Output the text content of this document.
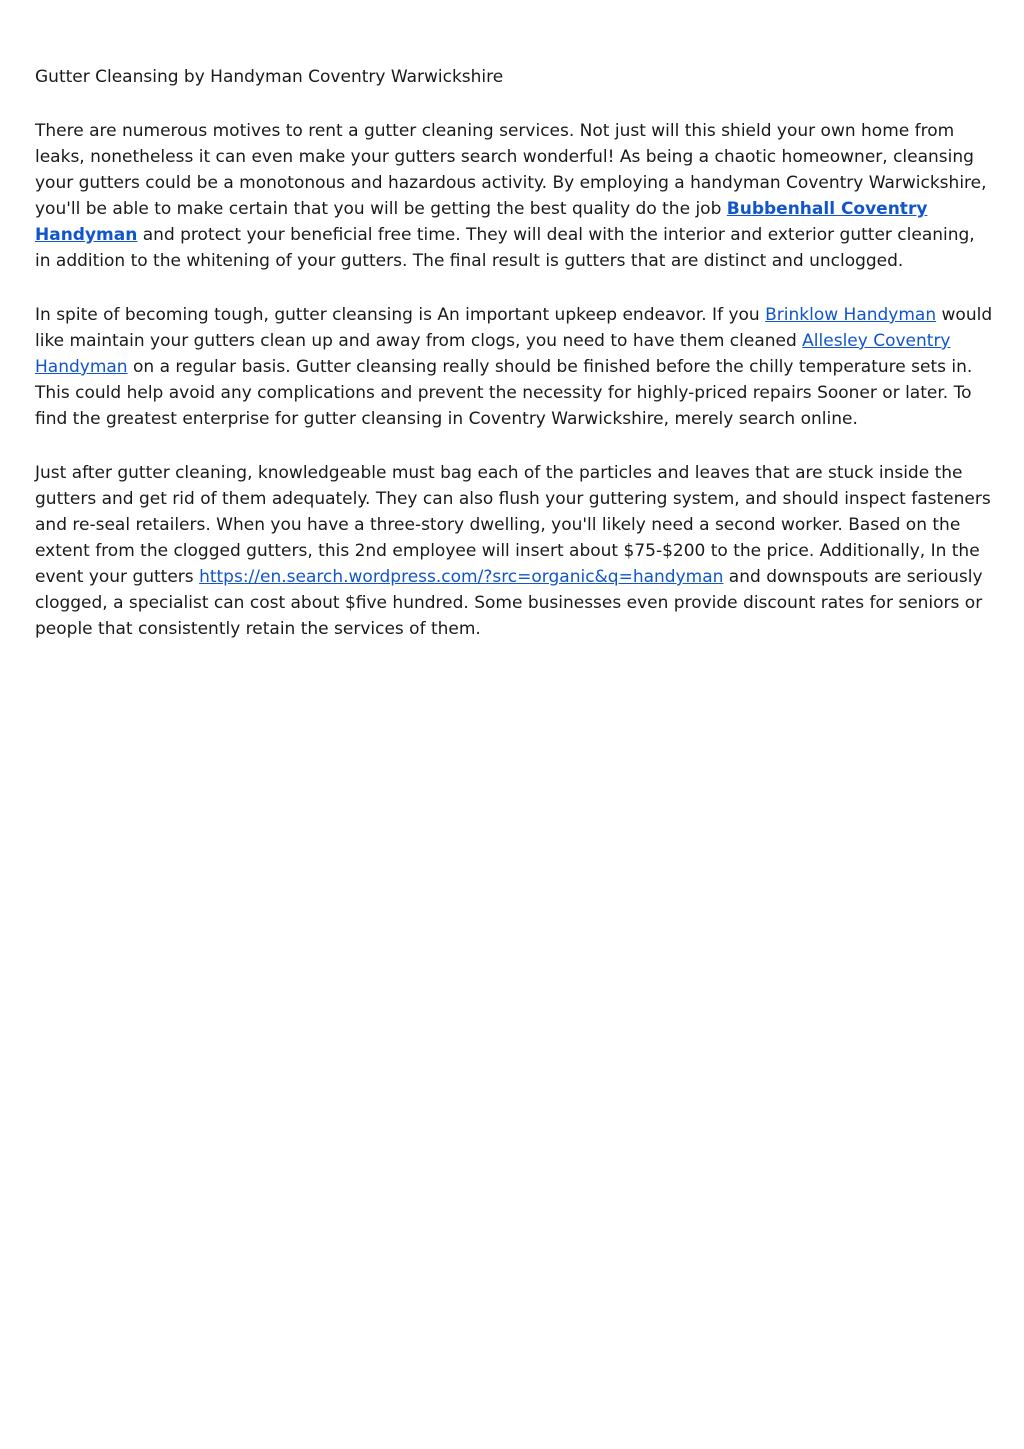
Gutter Cleansing by Handyman Coventry Warwickshire

There are numerous motives to rent a gutter cleaning services. Not just will this shield your own home from leaks, nonetheless it can even make your gutters search wonderful! As being a chaotic homeowner, cleansing your gutters could be a monotonous and hazardous activity. By employing a handyman Coventry Warwickshire, you'll be able to make certain that you will be getting the best quality do the job Bubbenhall Coventry Handyman and protect your beneficial free time. They will deal with the interior and exterior gutter cleaning, in addition to the whitening of your gutters. The final result is gutters that are distinct and unclogged.

In spite of becoming tough, gutter cleansing is An important upkeep endeavor. If you Brinklow Handyman would like maintain your gutters clean up and away from clogs, you need to have them cleaned Allesley Coventry Handyman on a regular basis. Gutter cleansing really should be finished before the chilly temperature sets in. This could help avoid any complications and prevent the necessity for highly-priced repairs Sooner or later. To find the greatest enterprise for gutter cleansing in Coventry Warwickshire, merely search online.

Just after gutter cleaning, knowledgeable must bag each of the particles and leaves that are stuck inside the gutters and get rid of them adequately. They can also flush your guttering system, and should inspect fasteners and re-seal retailers. When you have a three-story dwelling, you'll likely need a second worker. Based on the extent from the clogged gutters, this 2nd employee will insert about $75-$200 to the price. Additionally, In the event your gutters https://en.search.wordpress.com/?src=organic&q=handyman and downspouts are seriously clogged, a specialist can cost about $five hundred. Some businesses even provide discount rates for seniors or people that consistently retain the services of them.
